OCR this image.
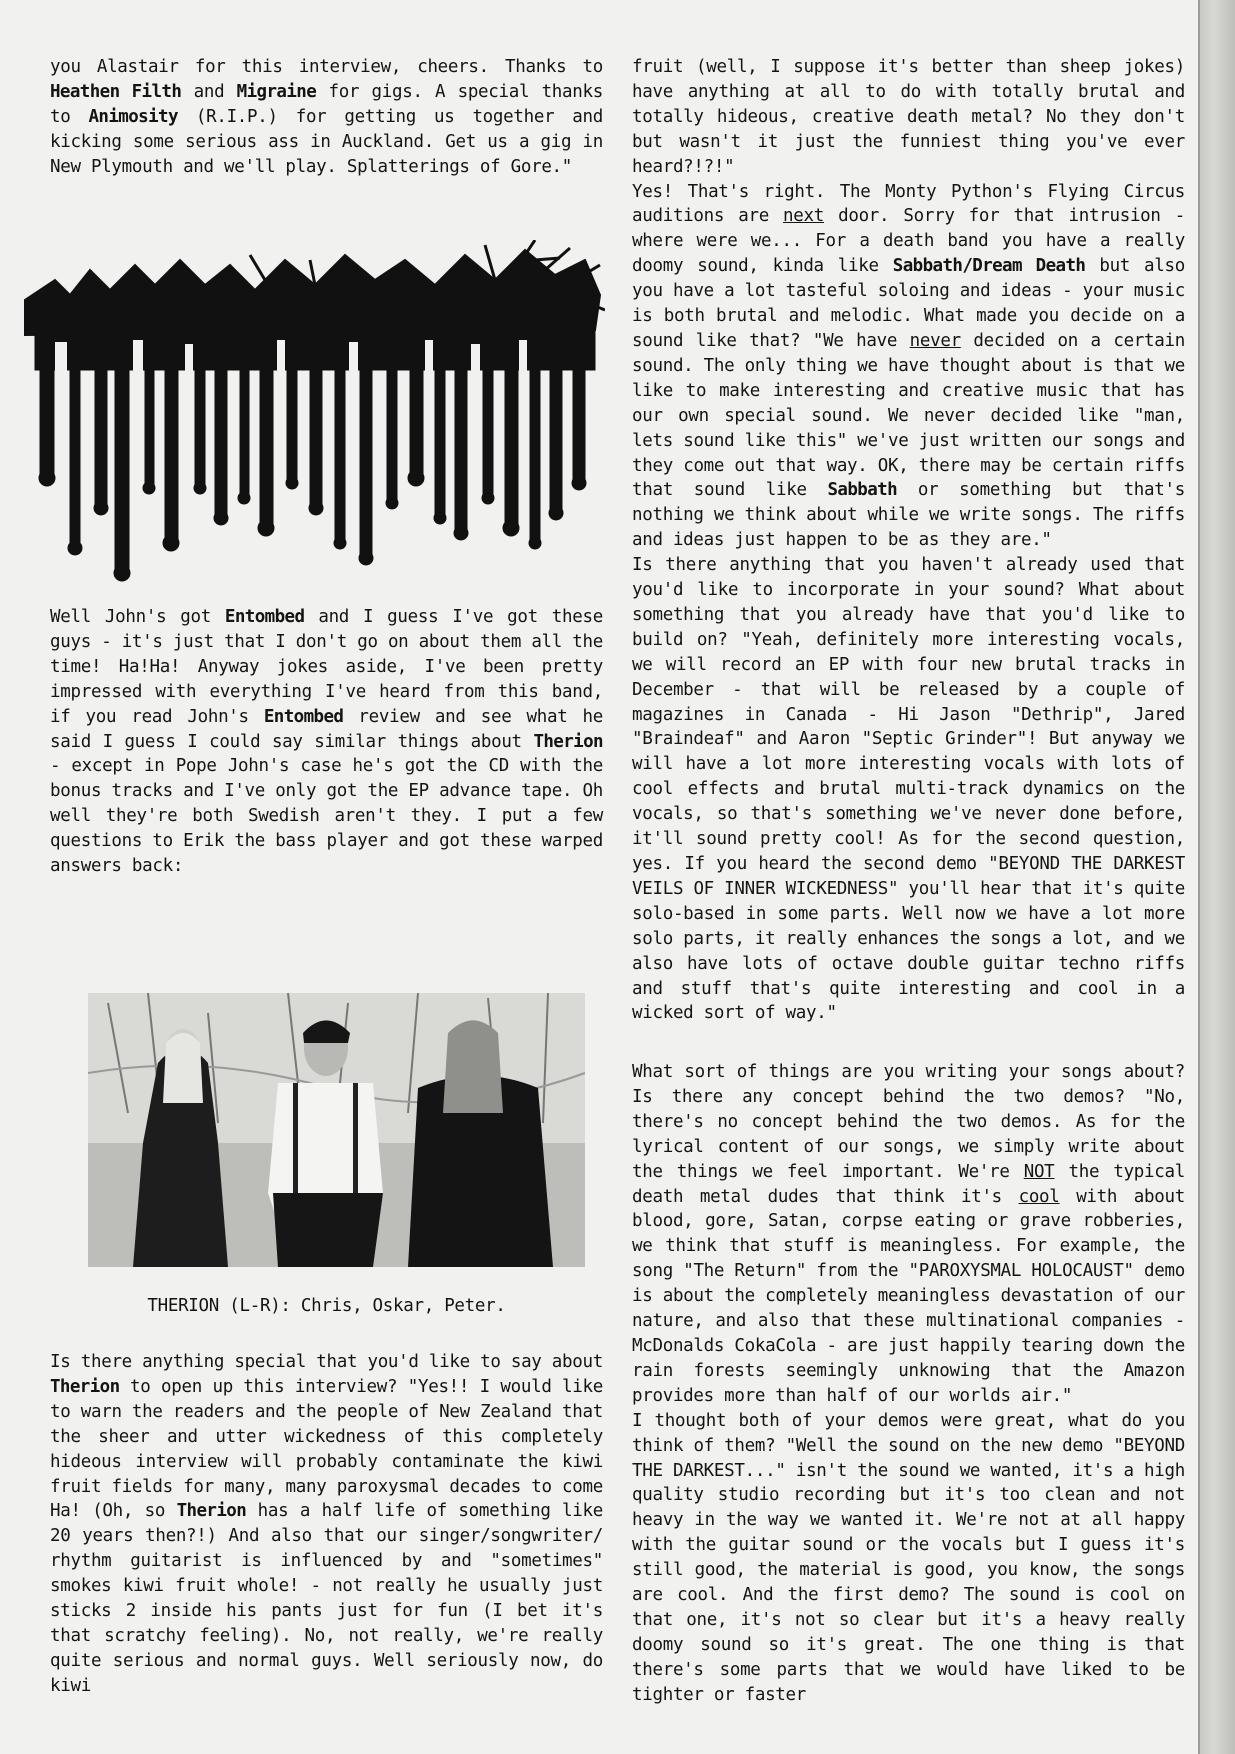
you Alastair for this interview, cheers. Thanks to Heathen Filth and Migraine for gigs. A special thanks to Animosity (R.I.P.) for getting us together and kicking some serious ass in Auckland. Get us a gig in New Plymouth and we'll play. Splatterings of Gore."

Well John's got Entombed and I guess I've got these guys - it's just that I don't go on about them all the time! Ha!Ha! Anyway jokes aside, I've been pretty impressed with everything I've heard from this band, if you read John's Entombed review and see what he said I guess I could say similar things about Therion - except in Pope John's case he's got the CD with the bonus tracks and I've only got the EP advance tape. Oh well they're both Swedish aren't they. I put a few questions to Erik the bass player and got these warped answers back:

THERION (L-R): Chris, Oskar, Peter.

Is there anything special that you'd like to say about Therion to open up this interview? "Yes!! I would like to warn the readers and the people of New Zealand that the sheer and utter wickedness of this completely hideous interview will probably contaminate the kiwi fruit fields for many, many paroxysmal decades to come Ha! (Oh, so Therion has a half life of something like 20 years then?!) And also that our singer/songwriter/ rhythm guitarist is influenced by and "sometimes" smokes kiwi fruit whole! - not really he usually just sticks 2 inside his pants just for fun (I bet it's that scratchy feeling). No, not really, we're really quite serious and normal guys. Well seriously now, do kiwi

fruit (well, I suppose it's better than sheep jokes) have anything at all to do with totally brutal and totally hideous, creative death metal? No they don't but wasn't it just the funniest thing you've ever heard?!?!"
Yes! That's right. The Monty Python's Flying Circus auditions are next door. Sorry for that intrusion - where were we... For a death band you have a really doomy sound, kinda like Sabbath/Dream Death but also you have a lot tasteful soloing and ideas - your music is both brutal and melodic. What made you decide on a sound like that? "We have never decided on a certain sound. The only thing we have thought about is that we like to make interesting and creative music that has our own special sound. We never decided like "man, lets sound like this" we've just written our songs and they come out that way. OK, there may be certain riffs that sound like Sabbath or something but that's nothing we think about while we write songs. The riffs and ideas just happen to be as they are."
Is there anything that you haven't already used that you'd like to incorporate in your sound? What about something that you already have that you'd like to build on? "Yeah, definitely more interesting vocals, we will record an EP with four new brutal tracks in December - that will be released by a couple of magazines in Canada - Hi Jason "Dethrip", Jared "Braindeaf" and Aaron "Septic Grinder"! But anyway we will have a lot more interesting vocals with lots of cool effects and brutal multi-track dynamics on the vocals, so that's something we've never done before, it'll sound pretty cool! As for the second question, yes. If you heard the second demo "BEYOND THE DARKEST VEILS OF INNER WICKEDNESS" you'll hear that it's quite solo-based in some parts. Well now we have a lot more solo parts, it really enhances the songs a lot, and we also have lots of octave double guitar techno riffs and stuff that's quite interesting and cool in a wicked sort of way."

What sort of things are you writing your songs about? Is there any concept behind the two demos? "No, there's no concept behind the two demos. As for the lyrical content of our songs, we simply write about the things we feel important. We're NOT the typical death metal dudes that think it's cool with about blood, gore, Satan, corpse eating or grave robberies, we think that stuff is meaningless. For example, the song "The Return" from the "PAROXYSMAL HOLOCAUST" demo is about the completely meaningless devastation of our nature, and also that these multinational companies - McDonalds CokaCola - are just happily tearing down the rain forests seemingly unknowing that the Amazon provides more than half of our worlds air."
I thought both of your demos were great, what do you think of them? "Well the sound on the new demo "BEYOND THE DARKEST..." isn't the sound we wanted, it's a high quality studio recording but it's too clean and not heavy in the way we wanted it. We're not at all happy with the guitar sound or the vocals but I guess it's still good, the material is good, you know, the songs are cool. And the first demo? The sound is cool on that one, it's not so clear but it's a heavy really doomy sound so it's great. The one thing is that there's some parts that we would have liked to be tighter or faster
